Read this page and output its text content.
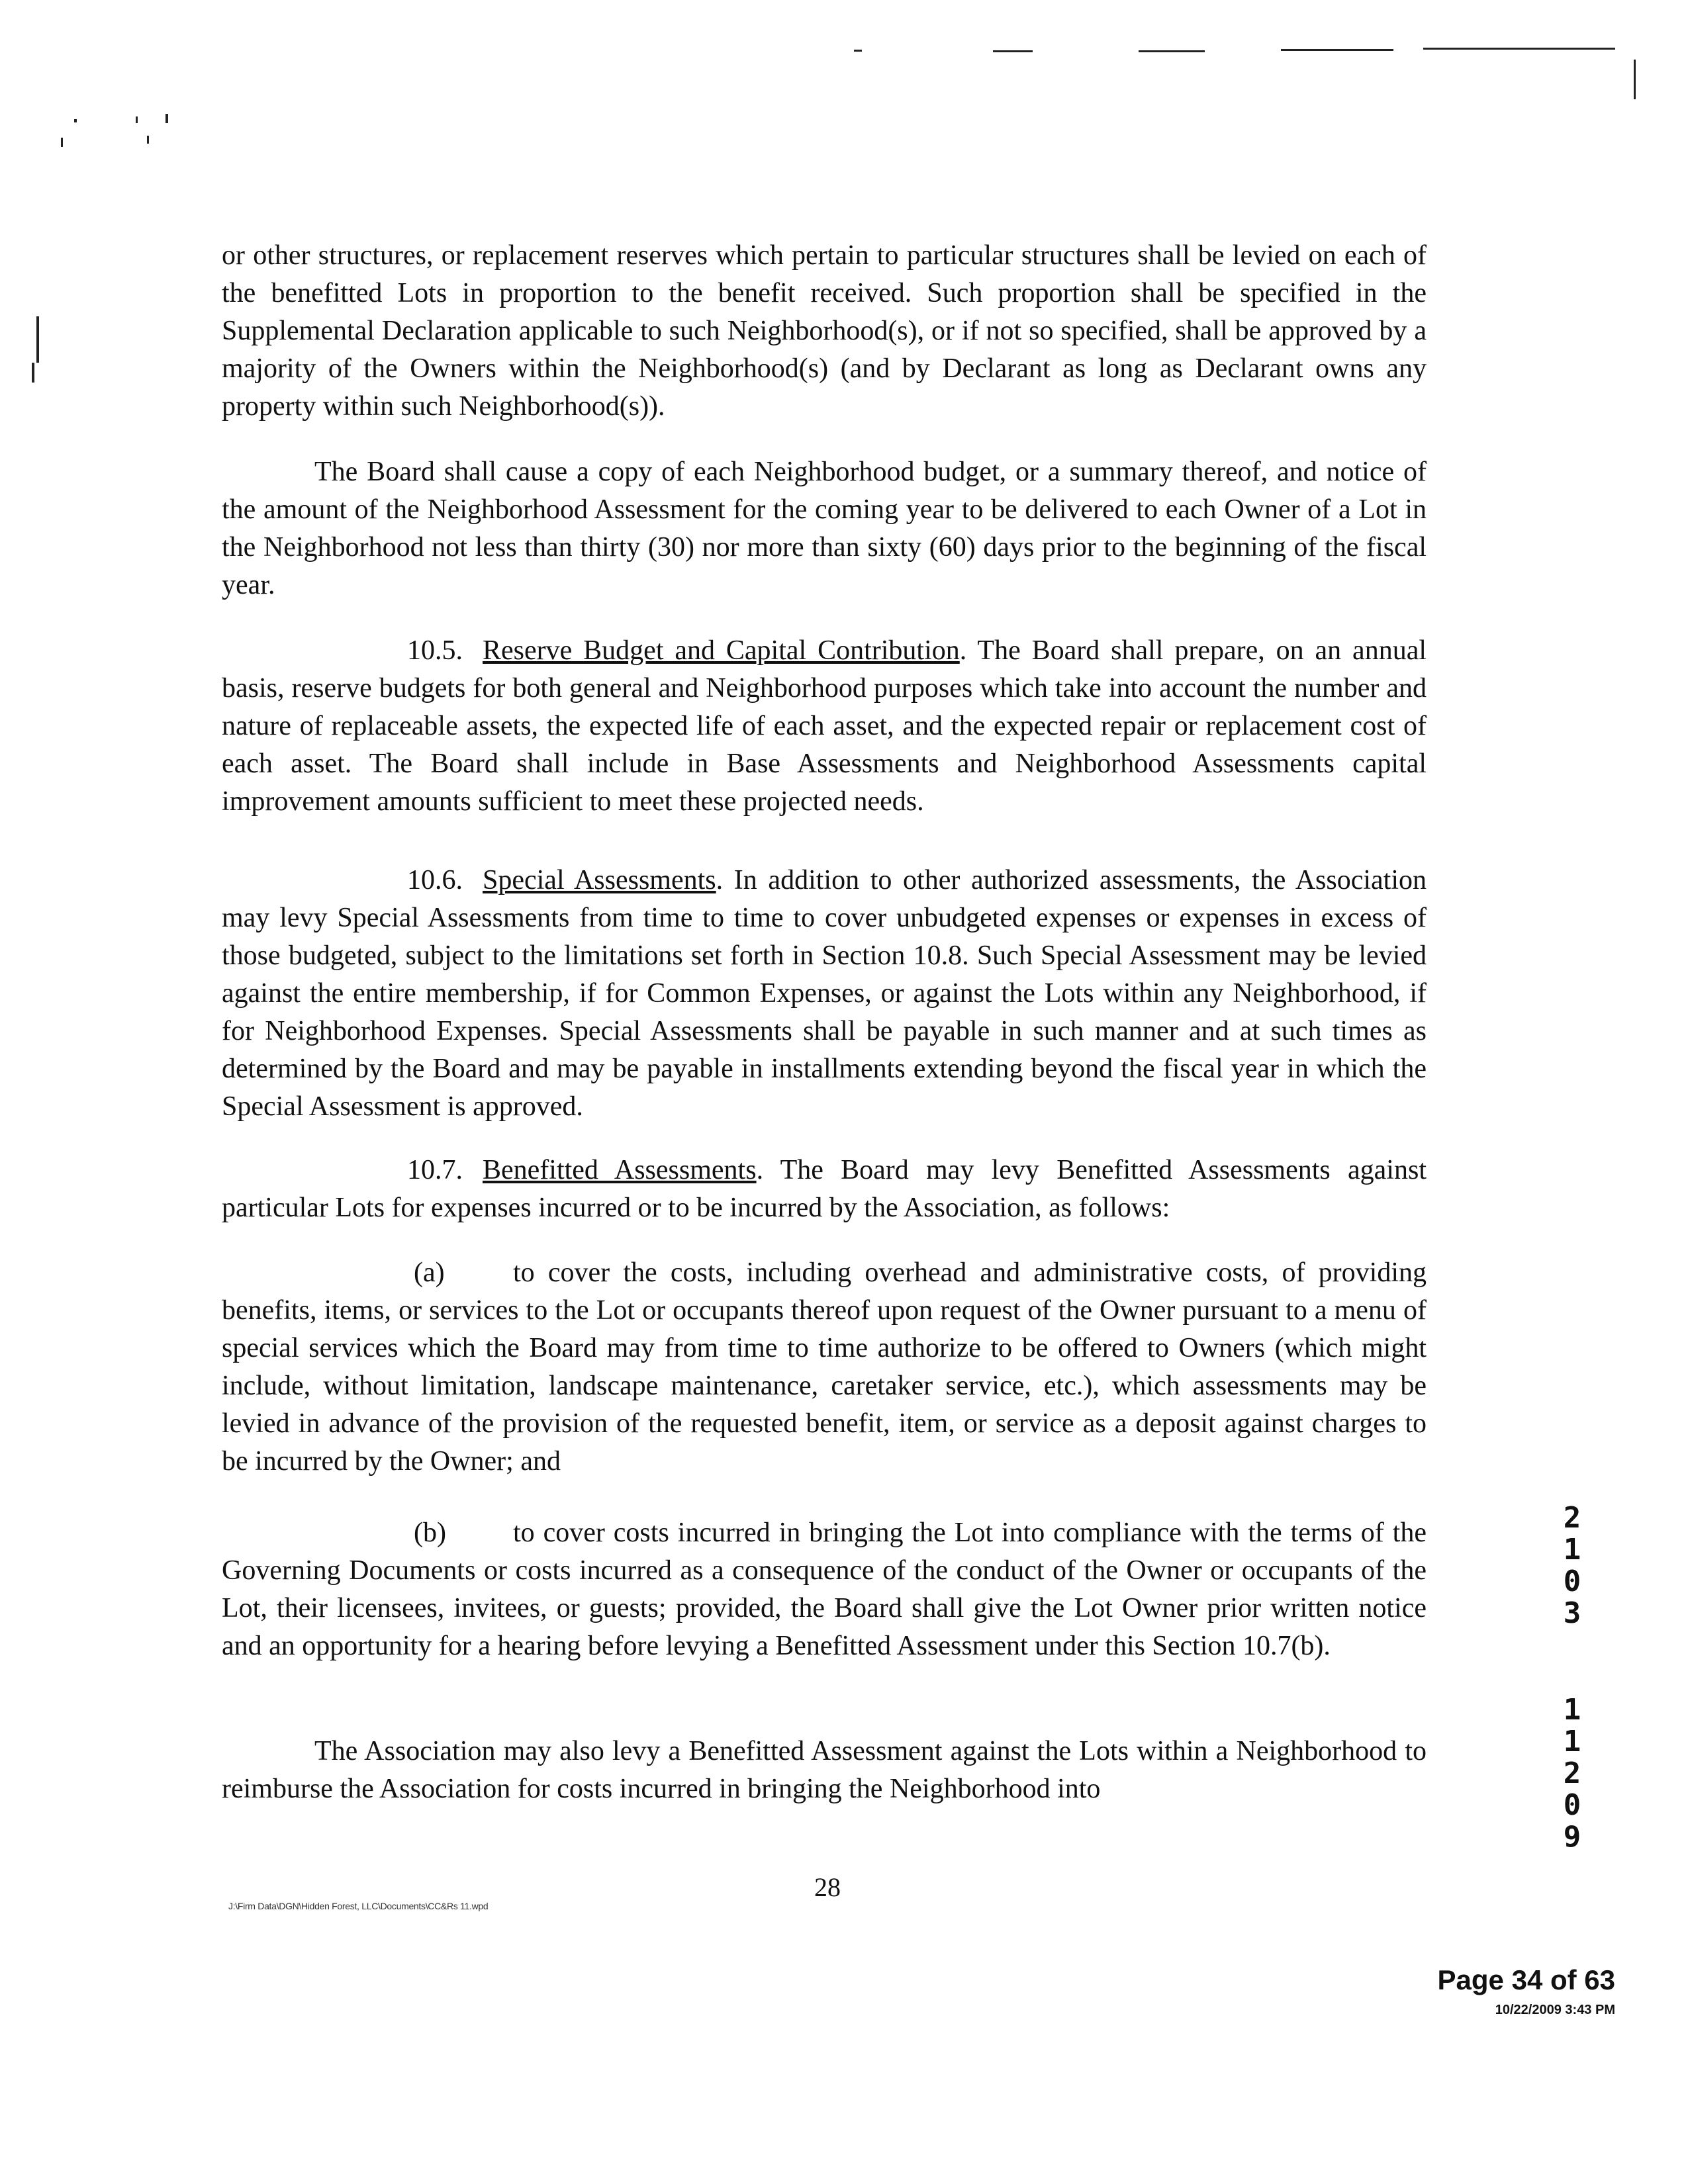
or other structures, or replacement reserves which pertain to particular structures shall be levied on each of the benefitted Lots in proportion to the benefit received. Such proportion shall be specified in the Supplemental Declaration applicable to such Neighborhood(s), or if not so specified, shall be approved by a majority of the Owners within the Neighborhood(s) (and by Declarant as long as Declarant owns any property within such Neighborhood(s)).

The Board shall cause a copy of each Neighborhood budget, or a summary thereof, and notice of the amount of the Neighborhood Assessment for the coming year to be delivered to each Owner of a Lot in the Neighborhood not less than thirty (30) nor more than sixty (60) days prior to the beginning of the fiscal year.

10.5. Reserve Budget and Capital Contribution. The Board shall prepare, on an annual basis, reserve budgets for both general and Neighborhood purposes which take into account the number and nature of replaceable assets, the expected life of each asset, and the expected repair or replacement cost of each asset. The Board shall include in Base Assessments and Neighborhood Assessments capital improvement amounts sufficient to meet these projected needs.

10.6. Special Assessments. In addition to other authorized assessments, the Association may levy Special Assessments from time to time to cover unbudgeted expenses or expenses in excess of those budgeted, subject to the limitations set forth in Section 10.8. Such Special Assessment may be levied against the entire membership, if for Common Expenses, or against the Lots within any Neighborhood, if for Neighborhood Expenses. Special Assessments shall be payable in such manner and at such times as determined by the Board and may be payable in installments extending beyond the fiscal year in which the Special Assessment is approved.

10.7. Benefitted Assessments. The Board may levy Benefitted Assessments against particular Lots for expenses incurred or to be incurred by the Association, as follows:

(a) to cover the costs, including overhead and administrative costs, of providing benefits, items, or services to the Lot or occupants thereof upon request of the Owner pursuant to a menu of special services which the Board may from time to time authorize to be offered to Owners (which might include, without limitation, landscape maintenance, caretaker service, etc.), which assessments may be levied in advance of the provision of the requested benefit, item, or service as a deposit against charges to be incurred by the Owner; and

(b) to cover costs incurred in bringing the Lot into compliance with the terms of the Governing Documents or costs incurred as a consequence of the conduct of the Owner or occupants of the Lot, their licensees, invitees, or guests; provided, the Board shall give the Lot Owner prior written notice and an opportunity for a hearing before levying a Benefitted Assessment under this Section 10.7(b).

The Association may also levy a Benefitted Assessment against the Lots within a Neighborhood to reimburse the Association for costs incurred in bringing the Neighborhood into

28
J:\Firm Data\DGN\Hidden Forest, LLC\Documents\CC&Rs 11.wpd
2
1
0
3
1
1
2
0
9
Page 34 of 63
10/22/2009 3:43 PM
